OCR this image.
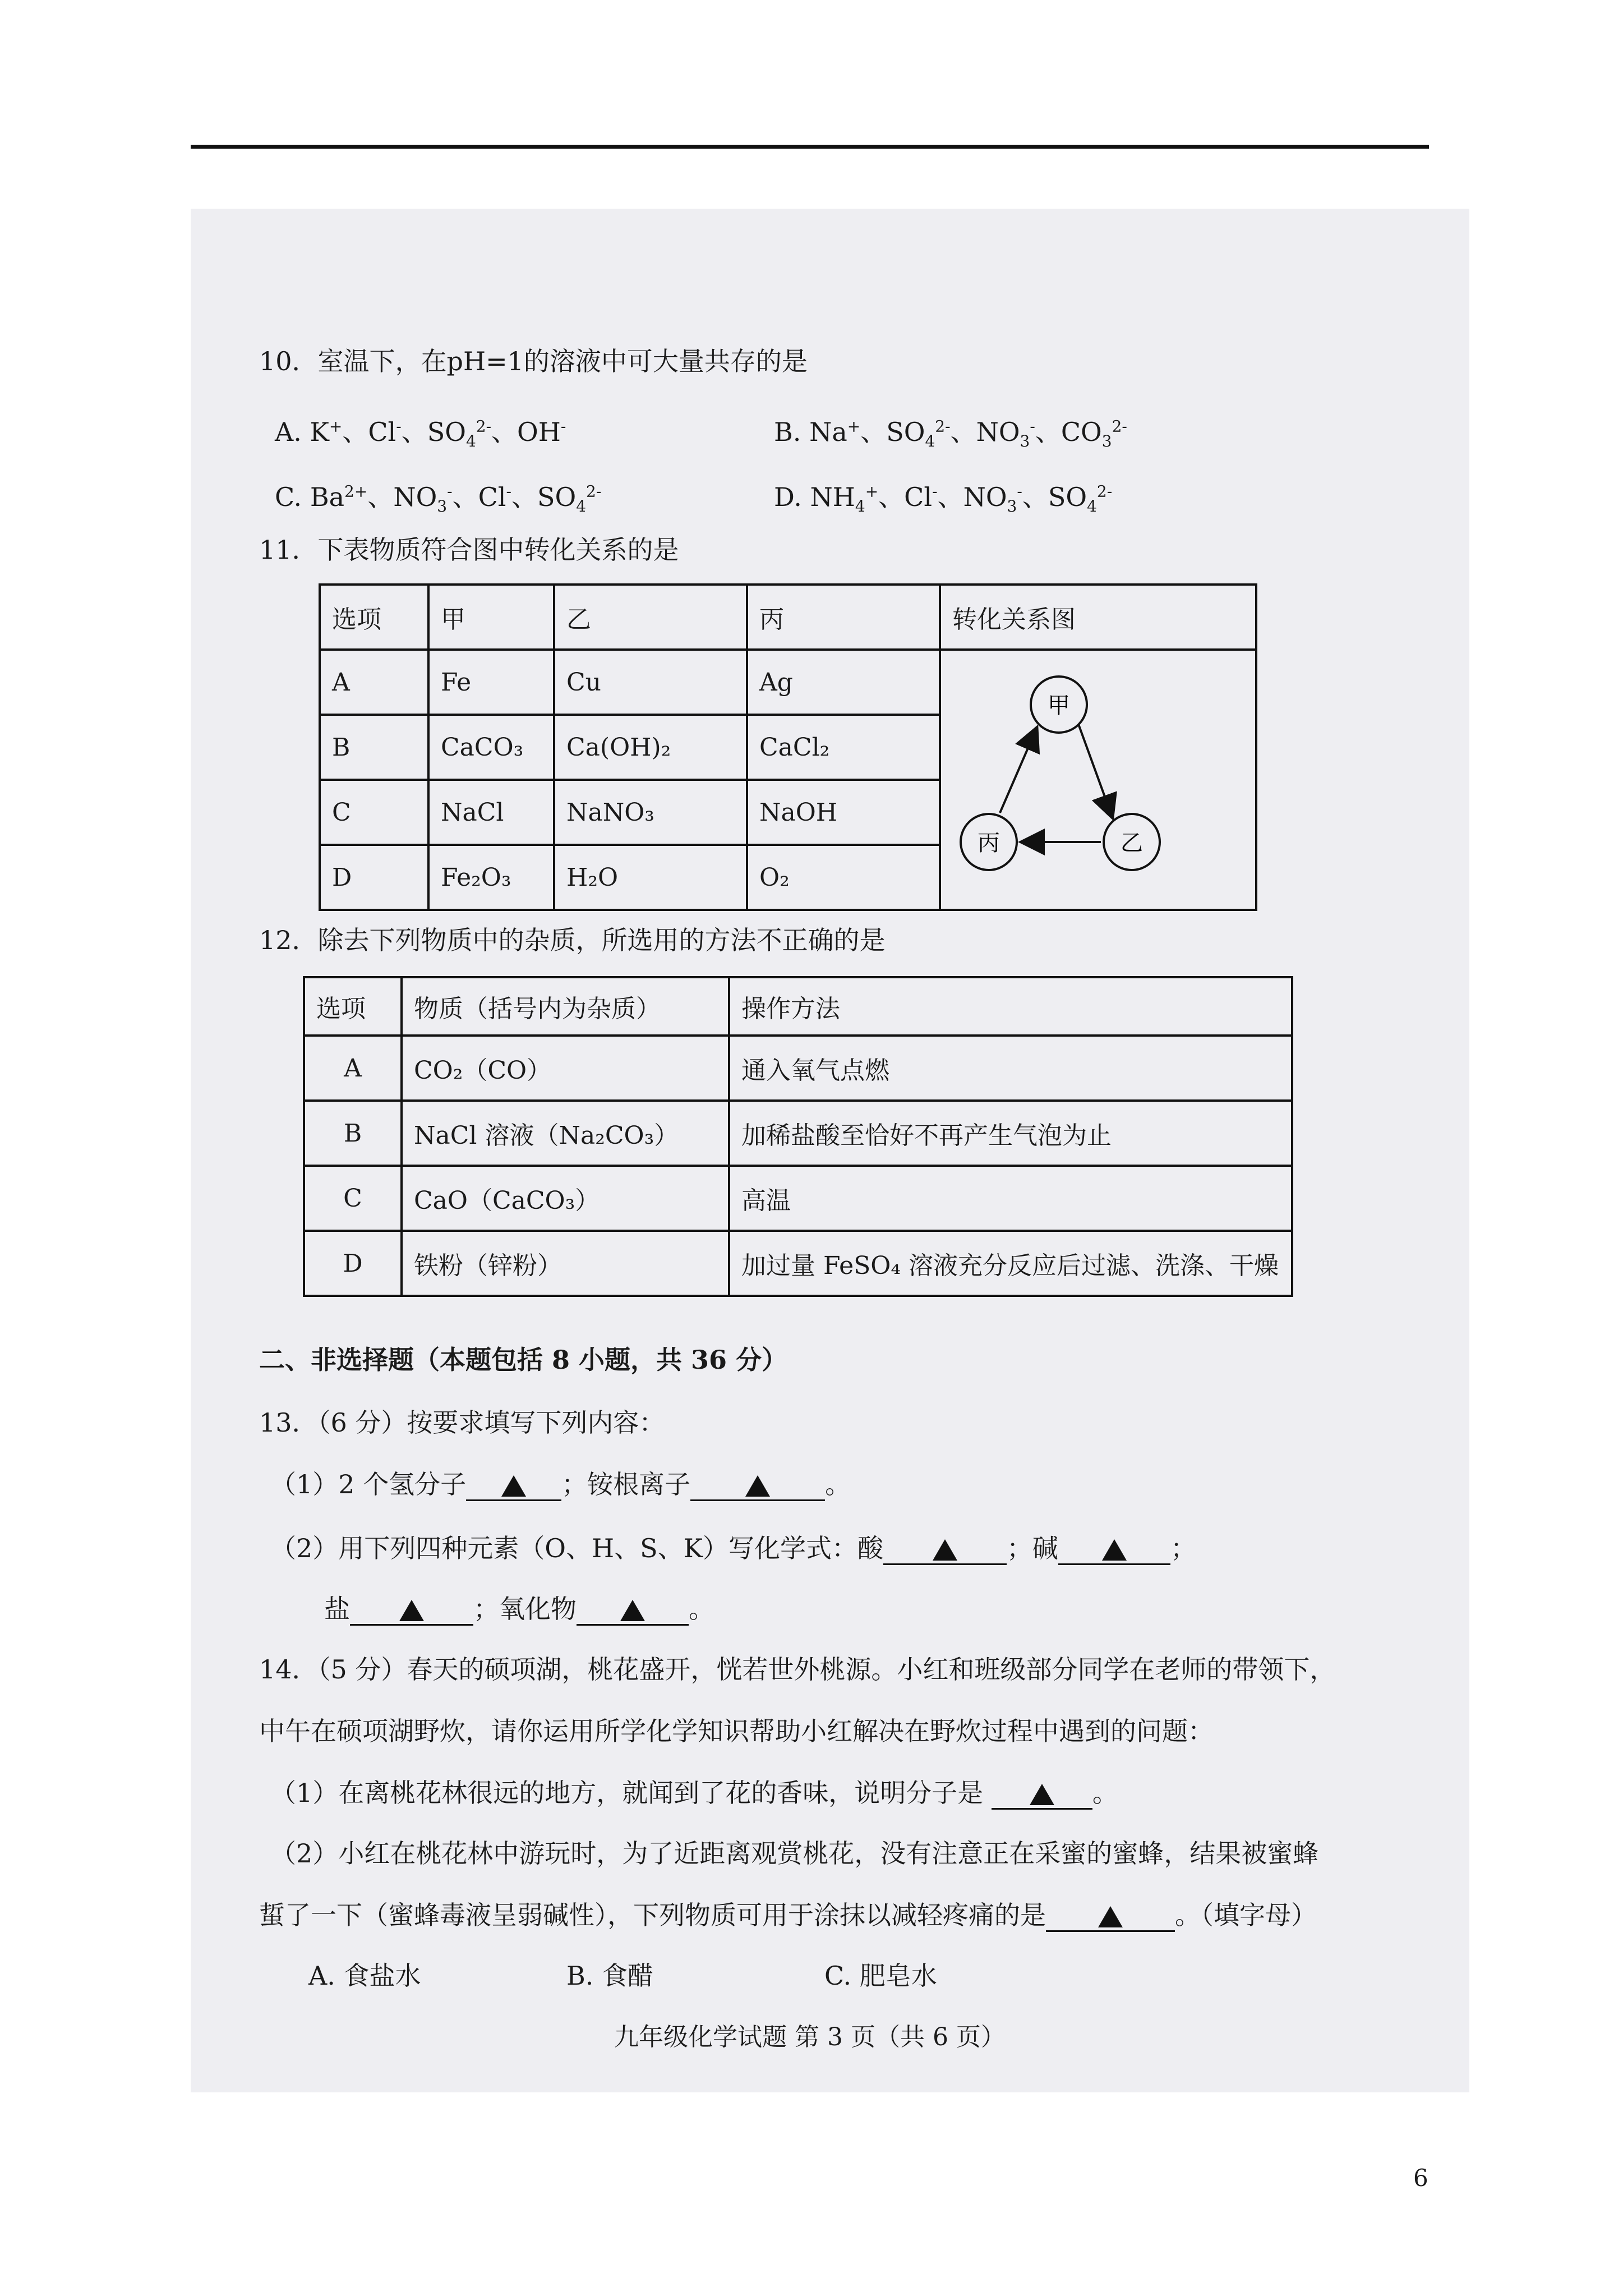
10．室温下，在pH=1的溶液中可大量共存的是
A. K+、Cl-、$SO_4^{2-}$、OH-	B. Na+、$SO_4^{2-}$、$NO_3^-$、$CO_3^{2-}$
C. $Ba^{2+}$、$NO_3^-$、Cl-、$SO_4^{2-}$	D. $NH_4^+$、Cl-、$NO_3^-$、$SO_4^{2-}$
11．下表物质符合图中转化关系的是
选项	甲	乙	丙	转化关系图
A	Fe	Cu	Ag	甲
丙 乙

B	CaCO₃	Ca(OH)₂	CaCl₂	
C	NaCl	NaNO₃	NaOH	
D	Fe₂O₃	H₂O	O₂	
12．除去下列物质中的杂质，所选用的方法不正确的是
选项	物质（括号内为杂质）	操作方法
A	CO₂（CO）	通入氧气点燃
B	NaCl 溶液（Na₂CO₃）	加稀盐酸至恰好不再产生气泡为止
C	CaO（CaCO₃）	高温
D	铁粉（锌粉）	加过量 FeSO₄ 溶液充分反应后过滤、洗涤、干燥
二、非选择题（本题包括 8 小题，共 36 分）
13．（6 分）按要求填写下列内容：
（1）2 个氢分子	；铵根离子	。
（2）用下列四种元素（O、H、S、K）写化学式：酸	；碱	；
盐	；氧化物	。
14．（5 分）春天的硕项湖，桃花盛开，恍若世外桃源。小红和班级部分同学在老师的带领下，
中午在硕项湖野炊，请你运用所学化学知识帮助小红解决在野炊过程中遇到的问题：
（1）在离桃花林很远的地方，就闻到了花的香味，说明分子是	。
（2）小红在桃花林中游玩时，为了近距离观赏桃花，没有注意正在采蜜的蜜蜂，结果被蜜蜂
蜇了一下（蜜蜂毒液呈弱碱性），下列物质可用于涂抹以减轻疼痛的是	。（填字母）
A. 食盐水	B. 食醋	C. 肥皂水
九年级化学试题 第 3 页（共 6 页）
6
